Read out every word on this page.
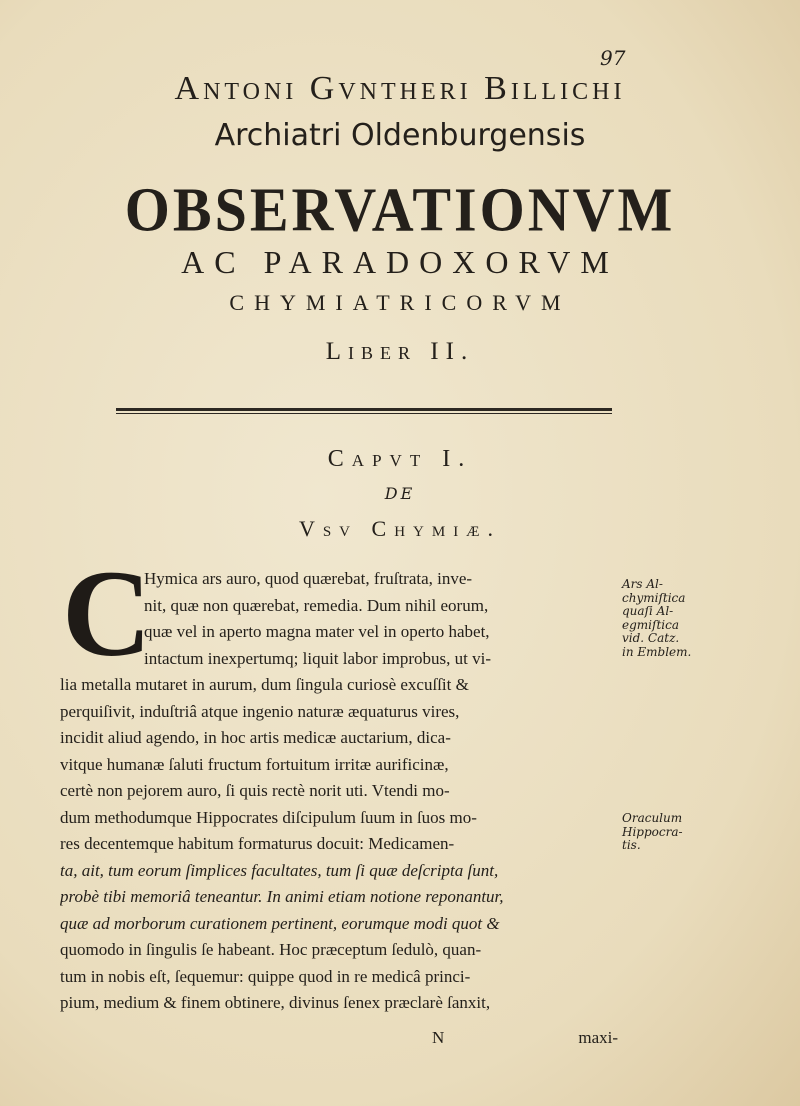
97
Antoni Gvntheri Billichi
Archiatri Oldenburgensis
OBSERVATIONVM
AC PARADOXORVM
CHYMIATRICORVM
Liber II.
Capvt I.
DE
Vsv Chymiæ.
C
Hymica ars auro, quod quærebat, fruſtrata, inve-
nit, quæ non quærebat, remedia. Dum nihil eorum,
quæ vel in aperto magna mater vel in operto habet,
intactum inexpertumq; liquit labor improbus, ut vi-
lia metalla mutaret in aurum, dum ſingula curiosè excuſſit &
perquiſivit, induſtriâ atque ingenio naturæ æquaturus vires,
incidit aliud agendo, in hoc artis medicæ auctarium, dica-
vitque humanæ ſaluti fructum fortuitum irritæ aurificinæ,
certè non pejorem auro, ſi quis rectè norit uti. Vtendi mo-
dum methodumque Hippocrates diſcipulum ſuum in ſuos mo-
res decentemque habitum formaturus docuit: Medicamen-
ta, ait, tum eorum ſimplices facultates, tum ſi quæ deſcripta ſunt,
probè tibi memoriâ teneantur. In animi etiam notione reponantur,
quæ ad morborum curationem pertinent, eorumque modi quot &
quomodo in ſingulis ſe habeant. Hoc præceptum ſedulò, quan-
tum in nobis eſt, ſequemur: quippe quod in re medicâ princi-
pium, medium & finem obtinere, divinus ſenex præclarè ſanxit,
Ars Al-
chymiſtica
quaſi Al-
egmiſtica
vid. Catz.
in Emblem.
Oraculum
Hippocra-
tis.
N	maxi-
